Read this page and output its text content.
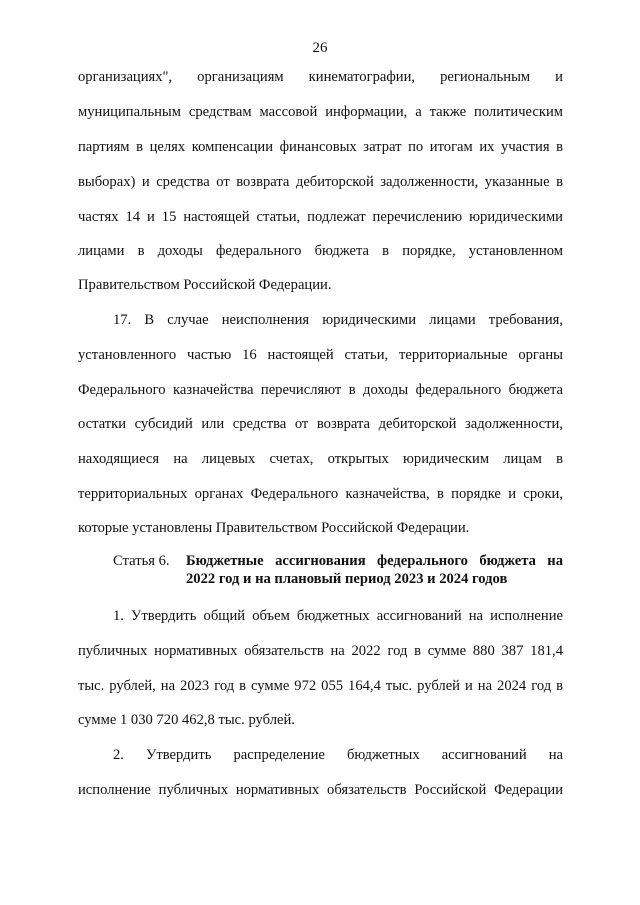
26
организациях", организациям кинематографии, региональным и
муниципальным средствам массовой информации, а также политическим
партиям в целях компенсации финансовых затрат по итогам их участия в
выборах) и средства от возврата дебиторской задолженности, указанные в
частях 14 и 15 настоящей статьи, подлежат перечислению юридическими
лицами в доходы федерального бюджета в порядке, установленном
Правительством Российской Федерации.
17. В случае неисполнения юридическими лицами требования,
установленного частью 16 настоящей статьи, территориальные органы
Федерального казначейства перечисляют в доходы федерального бюджета
остатки субсидий или средства от возврата дебиторской задолженности,
находящиеся на лицевых счетах, открытых юридическим лицам в
территориальных органах Федерального казначейства, в порядке и сроки,
которые установлены Правительством Российской Федерации.
Статья 6. Бюджетные ассигнования федерального бюджета на
2022 год и на плановый период 2023 и 2024 годов
1. Утвердить общий объем бюджетных ассигнований на исполнение
публичных нормативных обязательств на 2022 год в сумме 880 387 181,4
тыс. рублей, на 2023 год в сумме 972 055 164,4 тыс. рублей и на 2024 год в
сумме 1 030 720 462,8 тыс. рублей.
2. Утвердить распределение бюджетных ассигнований на
исполнение публичных нормативных обязательств Российской Федерации
